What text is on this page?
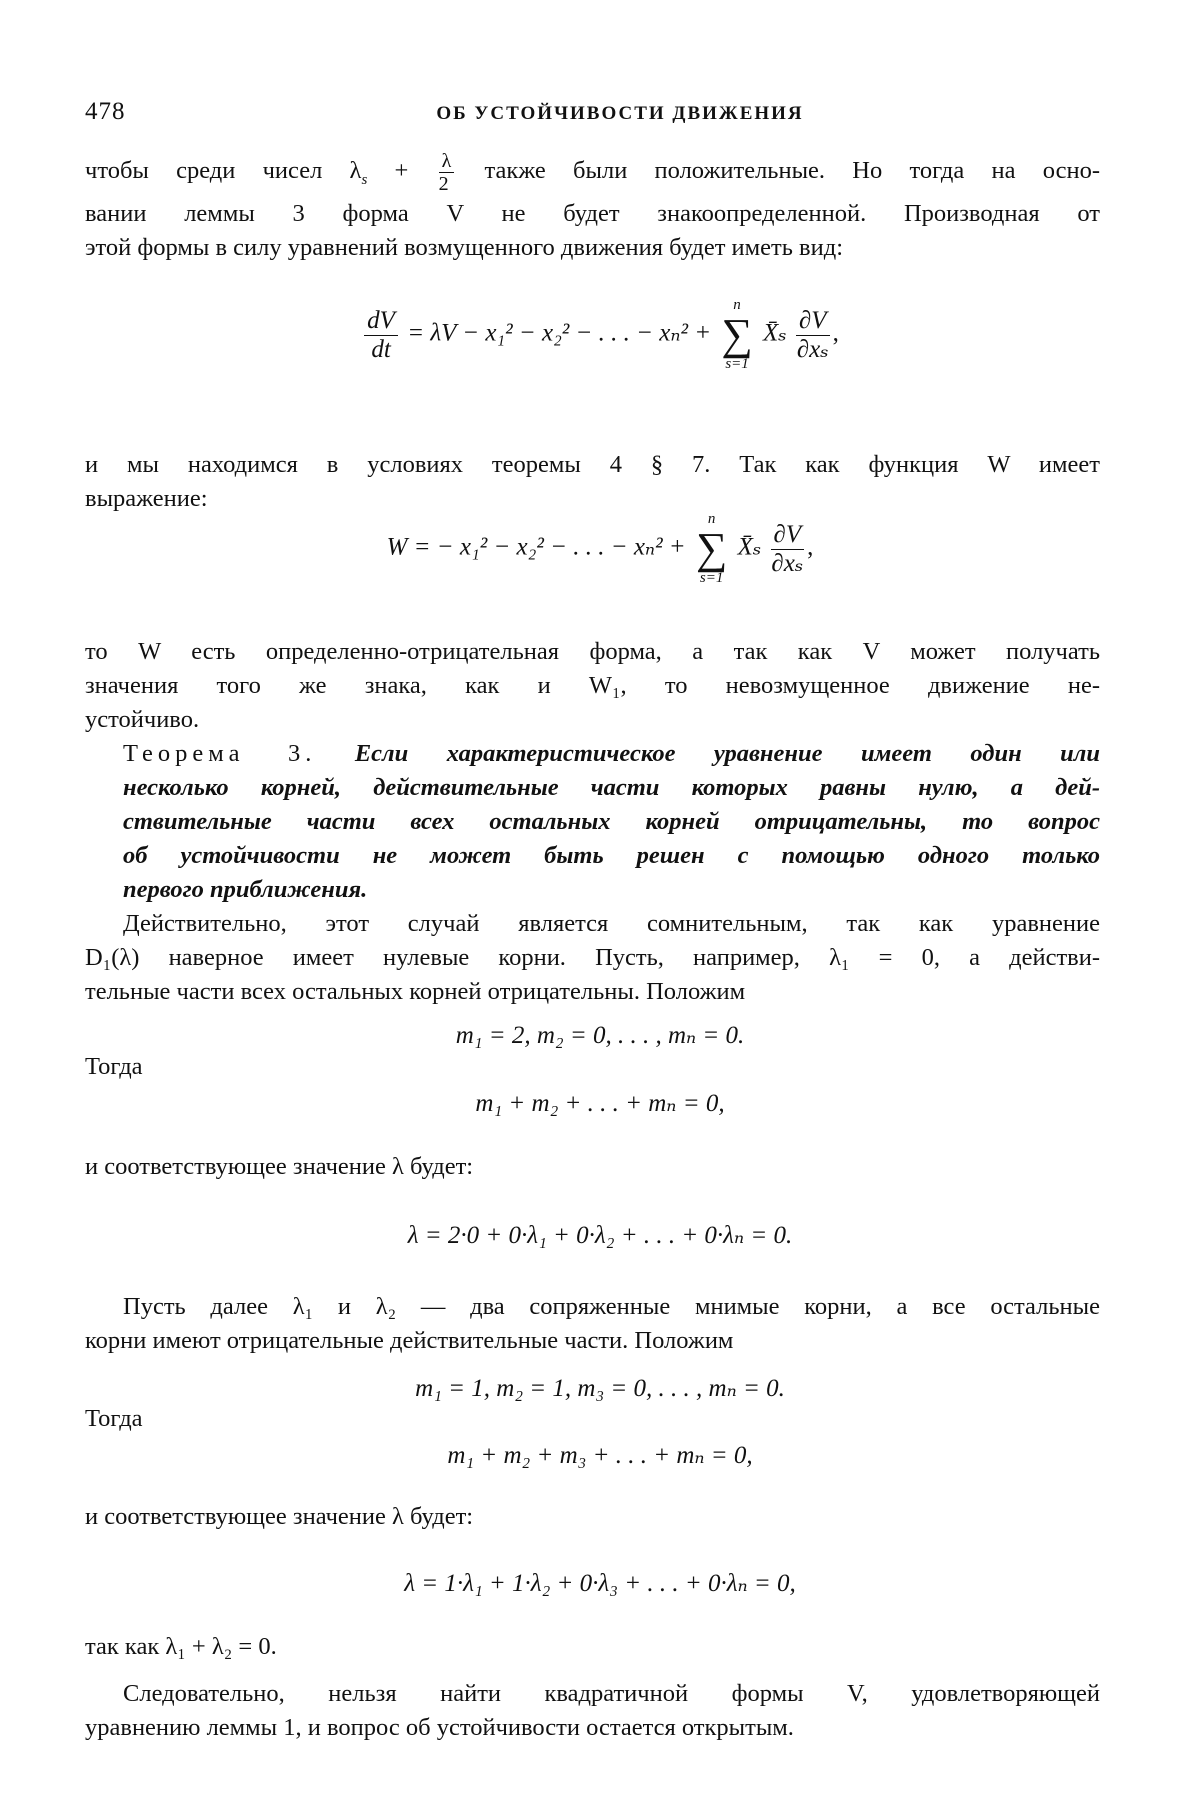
478	ОБ УСТОЙЧИВОСТИ ДВИЖЕНИЯ
чтобы среди чисел $\lambda_s + \frac{\lambda}{2}$ также были положительные. Но тогда на осно-
вании леммы 3 форма V не будет знакоопределенной. Производная от
этой формы в силу уравнений возмущенного движения будет иметь вид:
$\frac{dV}{dt} = \lambda V - x_1^2 - x_2^2$ − . . . − xₙ² +
n
∑
s=1
X̄ₛ $\frac{\partial V}{\text{∂xₛ}}$ ,
и мы находимся в условиях теоремы 4 § 7. Так как функция W имеет
выражение:
W = − x₁² − x₂² − . . . − xₙ² +
n
∑
s=1
X̄ₛ $\frac{\partial V}{\text{∂xₛ}}$ ,
то W есть определенно-отрицательная форма, а так как V может получать
значения того же знака, как и W₁, то невозмущенное движение не-
устойчиво.
Теорема 3. Если характеристическое уравнение имеет один или
несколько корней, действительные части которых равны нулю, а дей-
ствительные части всех остальных корней отрицательны, то вопрос
об устойчивости не может быть решен с помощью одного только
первого приближения.
Действительно, этот случай является сомнительным, так как уравнение
D₁(λ) наверное имеет нулевые корни. Пусть, например, λ₁ = 0, а действи-
тельные части всех остальных корней отрицательны. Положим
m₁ = 2, m₂ = 0, . . . , mₙ = 0.
Тогда
m₁ + m₂ + . . . + mₙ = 0,
и соответствующее значение λ будет:
λ = 2·0 + 0·λ₁ + 0·λ₂ + . . . + 0·λₙ = 0.
Пусть далее λ₁ и λ₂ — два сопряженные мнимые корни, а все остальные
корни имеют отрицательные действительные части. Положим
m₁ = 1, m₂ = 1, m₃ = 0, . . . , mₙ = 0.
Тогда
m₁ + m₂ + m₃ + . . . + mₙ = 0,
и соответствующее значение λ будет:
λ = 1·λ₁ + 1·λ₂ + 0·λ₃ + . . . + 0·λₙ = 0,
так как λ₁ + λ₂ = 0.
Следовательно, нельзя найти квадратичной формы V, удовлетворяющей
уравнению леммы 1, и вопрос об устойчивости остается открытым.
